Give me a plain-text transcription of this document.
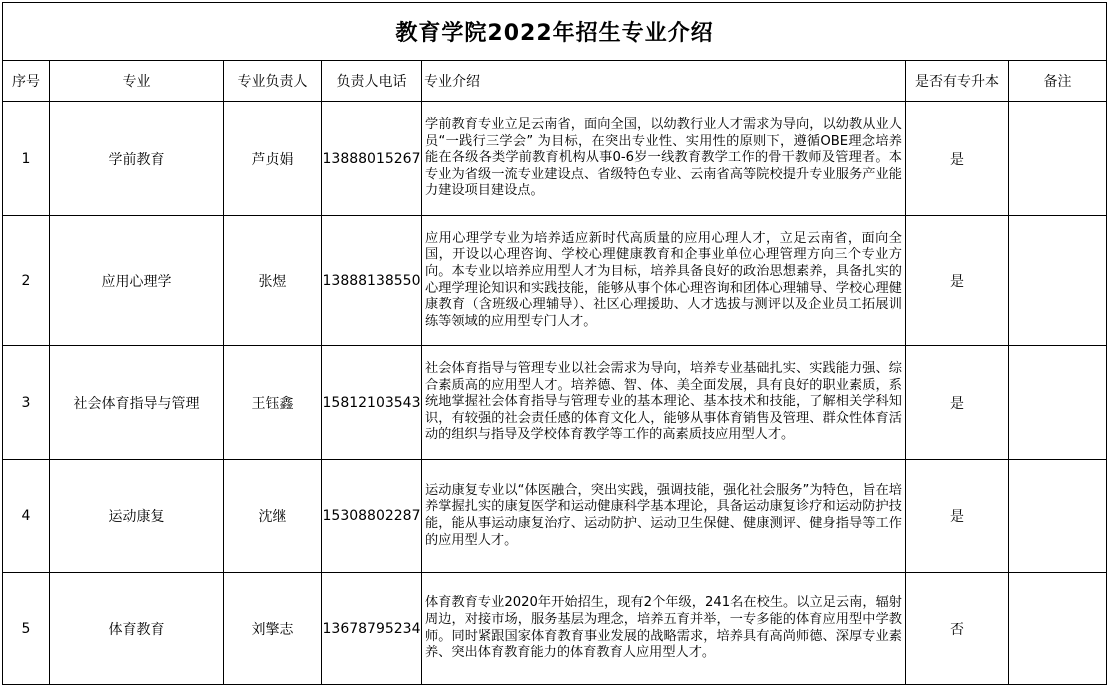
教育学院2022年招生专业介绍						
序号	专业	专业负责人	负责人电话	专业介绍	是否有专升本	备注
1	学前教育	芦贞娟	13888015267	学前教育专业立足云南省，面向全国，以幼教行业人才需求为导向，以幼教从业人员“一践行三学会” 为目标，在突出专业性、实用性的原则下，遵循OBE理念培养能在各级各类学前教育机构从事0-6岁一线教育教学工作的骨干教师及管理者。本专业为省级一流专业建设点、省级特色专业、云南省高等院校提升专业服务产业能力建设项目建设点。	是	
2	应用心理学	张煜	13888138550	应用心理学专业为培养适应新时代高质量的应用心理人才，立足云南省，面向全国，开设以心理咨询、学校心理健康教育和企事业单位心理管理方向三个专业方向。本专业以培养应用型人才为目标，培养具备良好的政治思想素养，具备扎实的心理学理论知识和实践技能，能够从事个体心理咨询和团体心理辅导、学校心理健康教育（含班级心理辅导）、社区心理援助、人才选拔与测评以及企业员工拓展训练等领域的应用型专门人才。	是	
3	社会体育指导与管理	王钰鑫	15812103543	社会体育指导与管理专业以社会需求为导向，培养专业基础扎实、实践能力强、综合素质高的应用型人才。培养德、智、体、美全面发展，具有良好的职业素质，系统地掌握社会体育指导与管理专业的基本理论、基本技术和技能，了解相关学科知识，有较强的社会责任感的体育文化人，能够从事体育销售及管理、群众性体育活动的组织与指导及学校体育教学等工作的高素质技应用型人才。	是	
4	运动康复	沈继	15308802287	运动康复专业以“体医融合，突出实践，强调技能，强化社会服务”为特色，旨在培养掌握扎实的康复医学和运动健康科学基本理论，具备运动康复诊疗和运动防护技能，能从事运动康复治疗、运动防护、运动卫生保健、健康测评、健身指导等工作的应用型人才。	是	
5	体育教育	刘擎志	13678795234	体育教育专业2020年开始招生，现有2个年级，241名在校生。以立足云南，辐射周边，对接市场，服务基层为理念，培养五育并举，一专多能的体育应用型中学教师。同时紧跟国家体育教育事业发展的战略需求，培养具有高尚师德、深厚专业素养、突出体育教育能力的体育教育人应用型人才。	否	
